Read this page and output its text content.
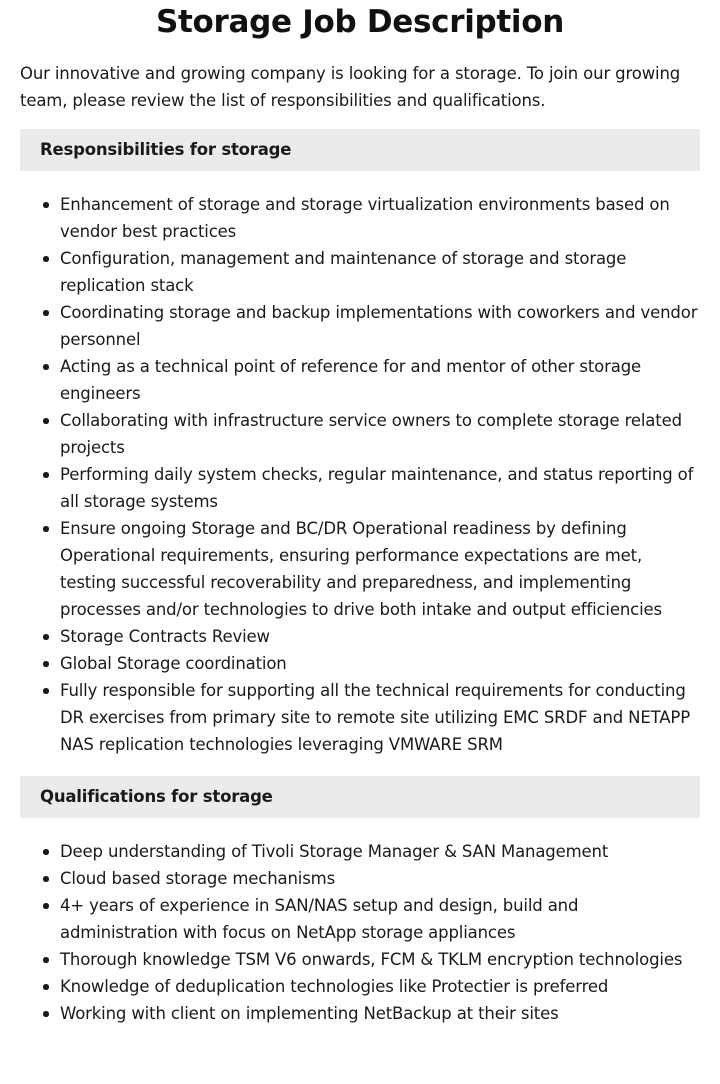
Storage Job Description

Our innovative and growing company is looking for a storage. To join our growing team, please review the list of responsibilities and qualifications.

Responsibilities for storage
Enhancement of storage and storage virtualization environments based on vendor best practices
Configuration, management and maintenance of storage and storage replication stack
Coordinating storage and backup implementations with coworkers and vendor personnel
Acting as a technical point of reference for and mentor of other storage engineers
Collaborating with infrastructure service owners to complete storage related projects
Performing daily system checks, regular maintenance, and status reporting of all storage systems
Ensure ongoing Storage and BC/DR Operational readiness by defining Operational requirements, ensuring performance expectations are met, testing successful recoverability and preparedness, and implementing processes and/or technologies to drive both intake and output efficiencies
Storage Contracts Review
Global Storage coordination
Fully responsible for supporting all the technical requirements for conducting DR exercises from primary site to remote site utilizing EMC SRDF and NETAPP NAS replication technologies leveraging VMWARE SRM
Qualifications for storage
Deep understanding of Tivoli Storage Manager & SAN Management
Cloud based storage mechanisms
4+ years of experience in SAN/NAS setup and design, build and administration with focus on NetApp storage appliances
Thorough knowledge TSM V6 onwards, FCM & TKLM encryption technologies
Knowledge of deduplication technologies like Protectier is preferred
Working with client on implementing NetBackup at their sites
